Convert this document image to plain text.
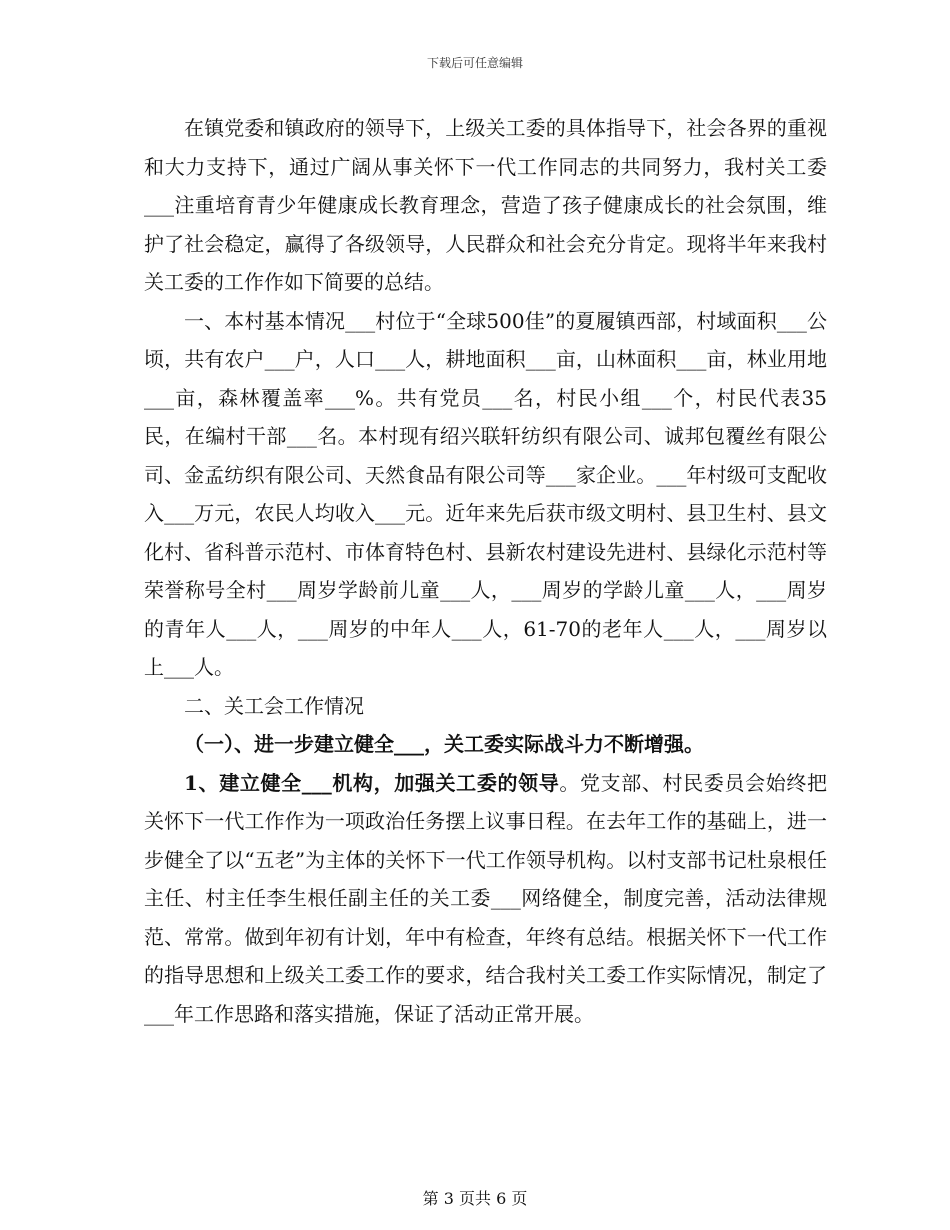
下载后可任意编辑

在镇党委和镇政府的领导下，上级关工委的具体指导下，社会各界的重视和大力支持下，通过广阔从事关怀下一代工作同志的共同努力，我村关工委___注重培育青少年健康成长教育理念，营造了孩子健康成长的社会氛围，维护了社会稳定，赢得了各级领导，人民群众和社会充分肯定。现将半年来我村关工委的工作作如下简要的总结。

一、本村基本情况___村位于“全球500佳”的夏履镇西部，村域面积___公顷，共有农户___户，人口___人，耕地面积___亩，山林面积___亩，林业用地___亩，森林覆盖率___%。共有党员___名，村民小组___个，村民代表35民，在编村干部___名。本村现有绍兴联轩纺织有限公司、诚邦包覆丝有限公司、金孟纺织有限公司、天然食品有限公司等___家企业。___年村级可支配收入___万元，农民人均收入___元。近年来先后获市级文明村、县卫生村、县文化村、省科普示范村、市体育特色村、县新农村建设先进村、县绿化示范村等荣誉称号全村___周岁学龄前儿童___人，___周岁的学龄儿童___人，___周岁的青年人___人，___周岁的中年人___人，61-70的老年人___人，___周岁以上___人。

二、关工会工作情况

（一）、进一步建立健全___，关工委实际战斗力不断增强。

1、建立健全___机构，加强关工委的领导。党支部、村民委员会始终把关怀下一代工作作为一项政治任务摆上议事日程。在去年工作的基础上，进一步健全了以“五老”为主体的关怀下一代工作领导机构。以村支部书记杜泉根任主任、村主任李生根任副主任的关工委___网络健全，制度完善，活动法律规范、常常。做到年初有计划，年中有检查，年终有总结。根据关怀下一代工作的指导思想和上级关工委工作的要求，结合我村关工委工作实际情况，制定了___年工作思路和落实措施，保证了活动正常开展。

第 3 页共 6 页
